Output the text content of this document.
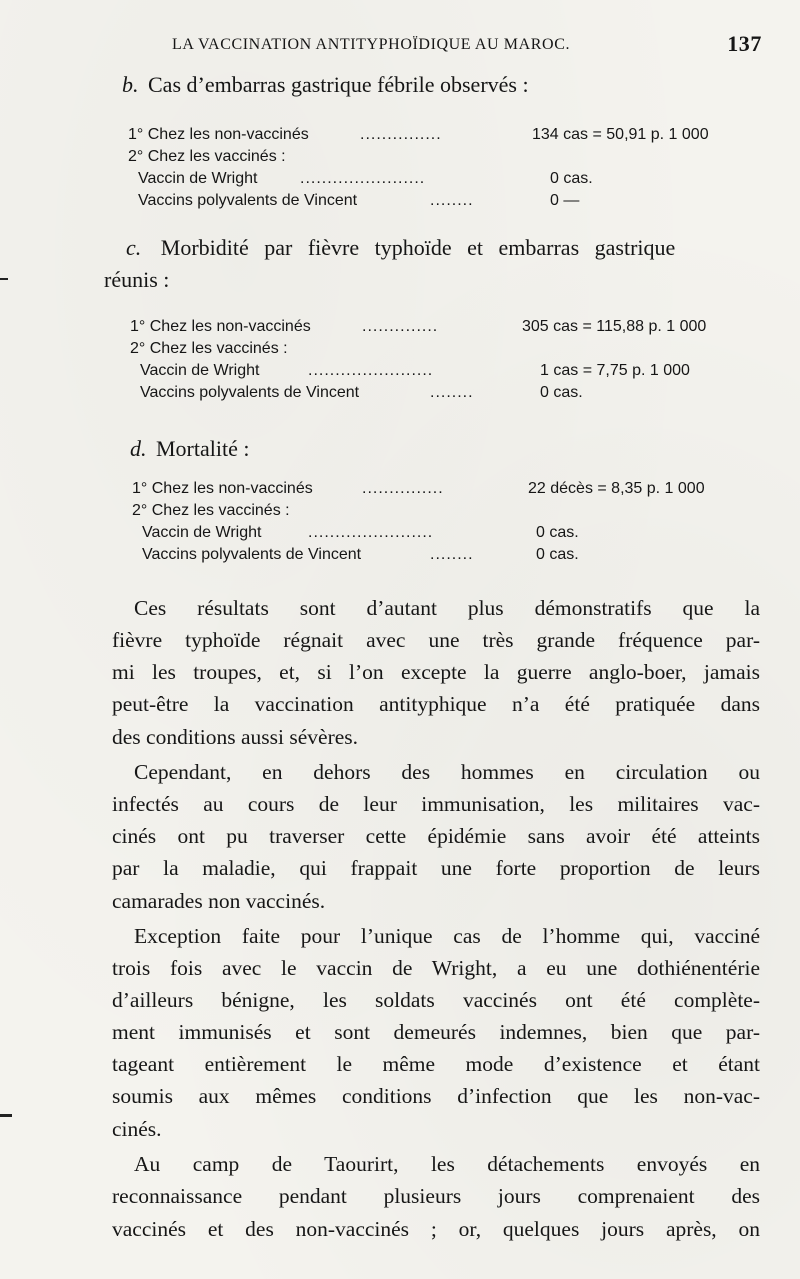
LA VACCINATION ANTITYPHOÏDIQUE AU MAROC.	137
b. Cas d’embarras gastrique fébrile observés :
1° Chez les non-vaccinés	...............	134 cas = 50,91 p. 1 000
2° Chez les vaccinés :
Vaccin de Wright	.......................	0 cas.
Vaccins polyvalents de Vincent	........	0 —
c. Morbidité par fièvre typhoïde et embarras gastrique
réunis :
1° Chez les non-vaccinés	..............	305 cas = 115,88 p. 1 000
2° Chez les vaccinés :
Vaccin de Wright	.......................	1 cas = 7,75 p. 1 000
Vaccins polyvalents de Vincent	........	0 cas.
d. Mortalité :
1° Chez les non-vaccinés	...............	22 décès = 8,35 p. 1 000
2° Chez les vaccinés :
Vaccin de Wright	.......................	0 cas.
Vaccins polyvalents de Vincent	........	0 cas.
Ces résultats sont d’autant plus démonstratifs que la
fièvre typhoïde régnait avec une très grande fréquence par-
mi les troupes, et, si l’on excepte la guerre anglo-boer, jamais
peut-être la vaccination antityphique n’a été pratiquée dans
des conditions aussi sévères.
Cependant, en dehors des hommes en circulation ou
infectés au cours de leur immunisation, les militaires vac-
cinés ont pu traverser cette épidémie sans avoir été atteints
par la maladie, qui frappait une forte proportion de leurs
camarades non vaccinés.
Exception faite pour l’unique cas de l’homme qui, vacciné
trois fois avec le vaccin de Wright, a eu une dothiénentérie
d’ailleurs bénigne, les soldats vaccinés ont été complète-
ment immunisés et sont demeurés indemnes, bien que par-
tageant entièrement le même mode d’existence et étant
soumis aux mêmes conditions d’infection que les non-vac-
cinés.
Au camp de Taourirt, les détachements envoyés en
reconnaissance pendant plusieurs jours comprenaient des
vaccinés et des non-vaccinés ; or, quelques jours après, on
